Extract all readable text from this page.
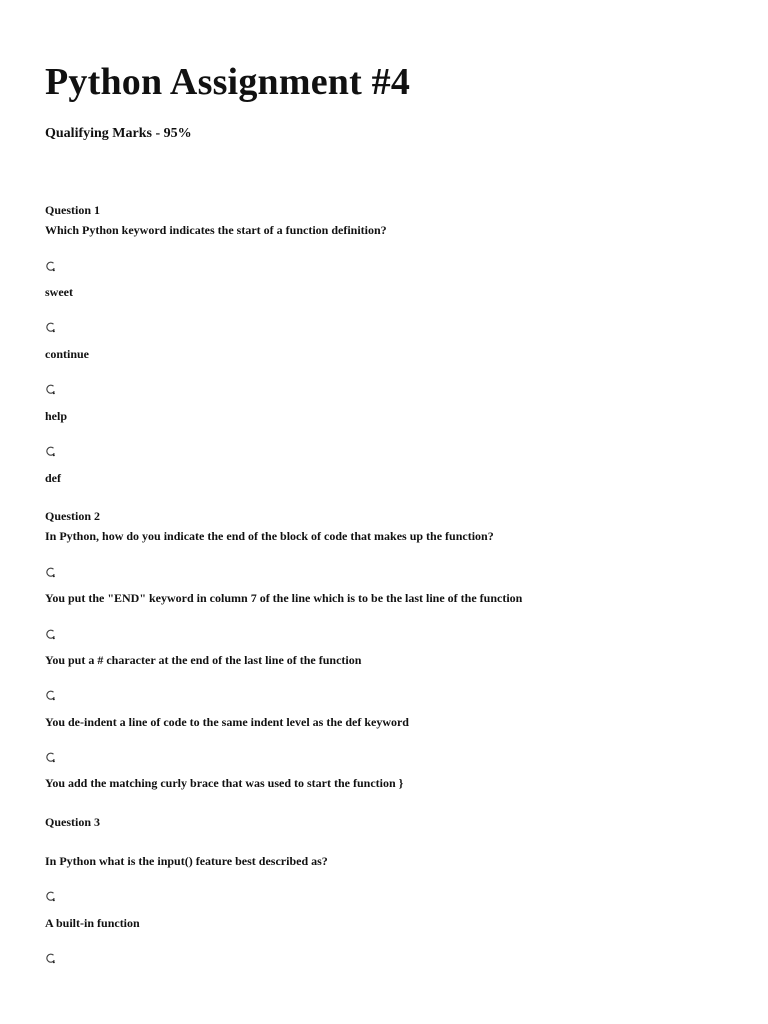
Python Assignment #4
Qualifying Marks - 95%
Question 1
Which Python keyword indicates the start of a function definition?
sweet
continue
help
def
Question 2
In Python, how do you indicate the end of the block of code that makes up the function?
You put the "END" keyword in column 7 of the line which is to be the last line of the function
You put a # character at the end of the last line of the function
You de-indent a line of code to the same indent level as the def keyword
You add the matching curly brace that was used to start the function }
Question 3
In Python what is the input() feature best described as?
A built-in function
